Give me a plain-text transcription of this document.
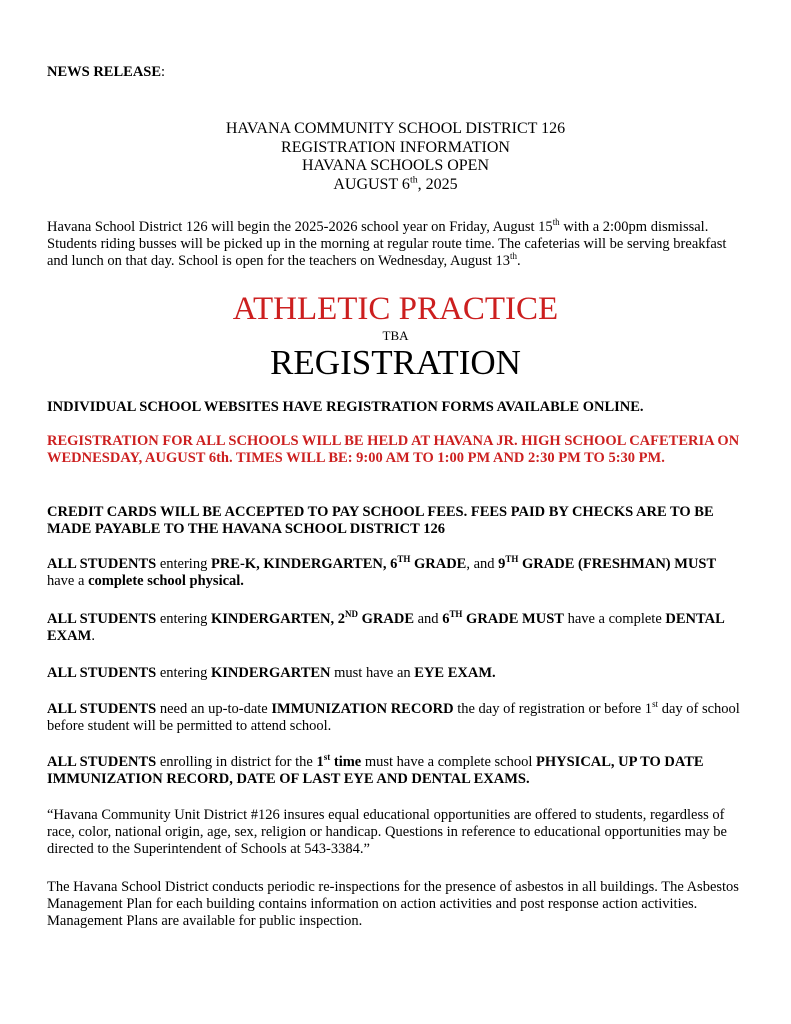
NEWS RELEASE:

HAVANA COMMUNITY SCHOOL DISTRICT 126
REGISTRATION INFORMATION
HAVANA SCHOOLS OPEN
AUGUST 6th, 2025

Havana School District 126 will begin the 2025-2026 school year on Friday, August 15th with a 2:00pm dismissal. Students riding busses will be picked up in the morning at regular route time. The cafeterias will be serving breakfast and lunch on that day. School is open for the teachers on Wednesday, August 13th.

ATHLETIC PRACTICE
TBA
REGISTRATION

INDIVIDUAL SCHOOL WEBSITES HAVE REGISTRATION FORMS AVAILABLE ONLINE.

REGISTRATION FOR ALL SCHOOLS WILL BE HELD AT HAVANA JR. HIGH SCHOOL CAFETERIA ON WEDNESDAY, AUGUST 6th. TIMES WILL BE: 9:00 AM TO 1:00 PM AND 2:30 PM TO 5:30 PM.

CREDIT CARDS WILL BE ACCEPTED TO PAY SCHOOL FEES. FEES PAID BY CHECKS ARE TO BE MADE PAYABLE TO THE HAVANA SCHOOL DISTRICT 126

ALL STUDENTS entering PRE-K, KINDERGARTEN, 6TH GRADE, and 9TH GRADE (FRESHMAN) MUST have a complete school physical.

ALL STUDENTS entering KINDERGARTEN, 2ND GRADE and 6TH GRADE MUST have a complete DENTAL EXAM.

ALL STUDENTS entering KINDERGARTEN must have an EYE EXAM.

ALL STUDENTS need an up-to-date IMMUNIZATION RECORD the day of registration or before 1st day of school before student will be permitted to attend school.

ALL STUDENTS enrolling in district for the 1st time must have a complete school PHYSICAL, UP TO DATE IMMUNIZATION RECORD, DATE OF LAST EYE AND DENTAL EXAMS.

“Havana Community Unit District #126 insures equal educational opportunities are offered to students, regardless of race, color, national origin, age, sex, religion or handicap. Questions in reference to educational opportunities may be directed to the Superintendent of Schools at 543-3384.”

The Havana School District conducts periodic re-inspections for the presence of asbestos in all buildings. The Asbestos Management Plan for each building contains information on action activities and post response action activities. Management Plans are available for public inspection.
